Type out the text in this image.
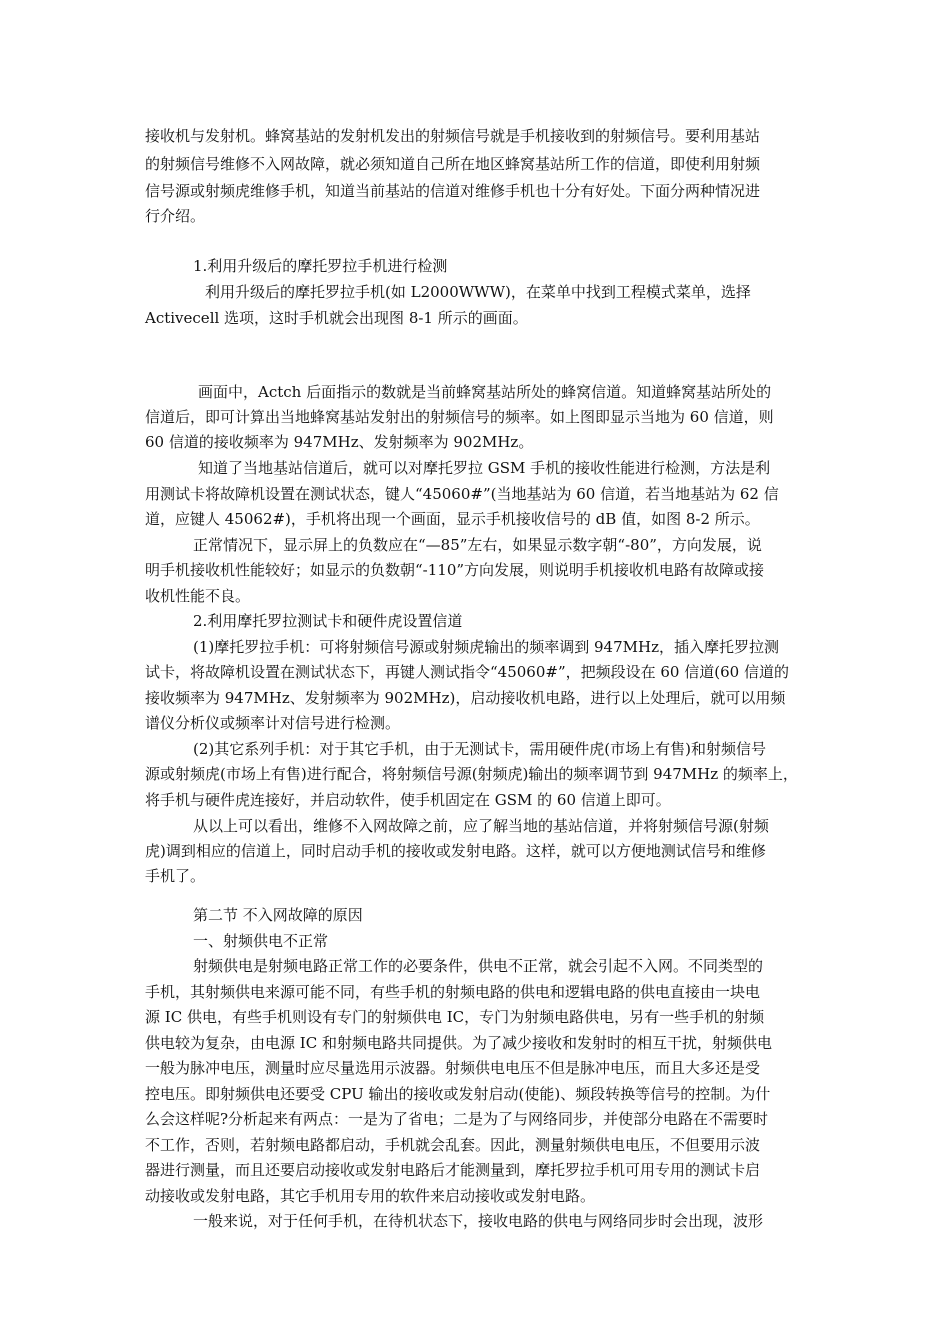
接收机与发射机。蜂窝基站的发射机发出的射频信号就是手机接收到的射频信号。要利用基站
的射频信号维修不入网故障，就必须知道自己所在地区蜂窝基站所工作的信道，即使利用射频
信号源或射频虎维修手机，知道当前基站的信道对维修手机也十分有好处。下面分两种情况进
行介绍。
1.利用升级后的摩托罗拉手机进行检测
利用升级后的摩托罗拉手机(如 L2000WWW)，在菜单中找到工程模式菜单，选择
Activecell 选项，这时手机就会出现图 8-1 所示的画面。
画面中，Actch 后面指示的数就是当前蜂窝基站所处的蜂窝信道。知道蜂窝基站所处的
信道后，即可计算出当地蜂窝基站发射出的射频信号的频率。如上图即显示当地为 60 信道，则
60 信道的接收频率为 947MHz、发射频率为 902MHz。
知道了当地基站信道后，就可以对摩托罗拉 GSM 手机的接收性能进行检测，方法是利
用测试卡将故障机设置在测试状态，键人“45060#”(当地基站为 60 信道，若当地基站为 62 信
道，应键人 45062#)，手机将出现一个画面，显示手机接收信号的 dB 值，如图 8-2 所示。
正常情况下，显示屏上的负数应在“—85”左右，如果显示数字朝“-80”，方向发展，说
明手机接收机性能较好；如显示的负数朝“-110”方向发展，则说明手机接收机电路有故障或接
收机性能不良。
2.利用摩托罗拉测试卡和硬件虎设置信道
(1)摩托罗拉手机：可将射频信号源或射频虎输出的频率调到 947MHz，插入摩托罗拉测
试卡，将故障机设置在测试状态下，再键人测试指令“45060#”，把频段设在 60 信道(60 信道的
接收频率为 947MHz、发射频率为 902MHz)，启动接收机电路，进行以上处理后，就可以用频
谱仪分析仪或频率计对信号进行检测。
(2)其它系列手机：对于其它手机，由于无测试卡，需用硬件虎(市场上有售)和射频信号
源或射频虎(市场上有售)进行配合，将射频信号源(射频虎)输出的频率调节到 947MHz 的频率上，
将手机与硬件虎连接好，并启动软件，使手机固定在 GSM 的 60 信道上即可。
从以上可以看出，维修不入网故障之前，应了解当地的基站信道，并将射频信号源(射频
虎)调到相应的信道上，同时启动手机的接收或发射电路。这样，就可以方便地测试信号和维修
手机了。
第二节 不入网故障的原因
一、射频供电不正常
射频供电是射频电路正常工作的必要条件，供电不正常，就会引起不入网。不同类型的
手机，其射频供电来源可能不同，有些手机的射频电路的供电和逻辑电路的供电直接由一块电
源 IC 供电，有些手机则设有专门的射频供电 IC，专门为射频电路供电，另有一些手机的射频
供电较为复杂，由电源 IC 和射频电路共同提供。为了减少接收和发射时的相互干扰，射频供电
一般为脉冲电压，测量时应尽量选用示波器。射频供电电压不但是脉冲电压，而且大多还是受
控电压。即射频供电还要受 CPU 输出的接收或发射启动(使能)、频段转换等信号的控制。为什
么会这样呢?分析起来有两点：一是为了省电；二是为了与网络同步，并使部分电路在不需要时
不工作，否则，若射频电路都启动，手机就会乱套。因此，测量射频供电电压，不但要用示波
器进行测量，而且还要启动接收或发射电路后才能测量到，摩托罗拉手机可用专用的测试卡启
动接收或发射电路，其它手机用专用的软件来启动接收或发射电路。
一般来说，对于任何手机，在待机状态下，接收电路的供电与网络同步时会出现，波形
